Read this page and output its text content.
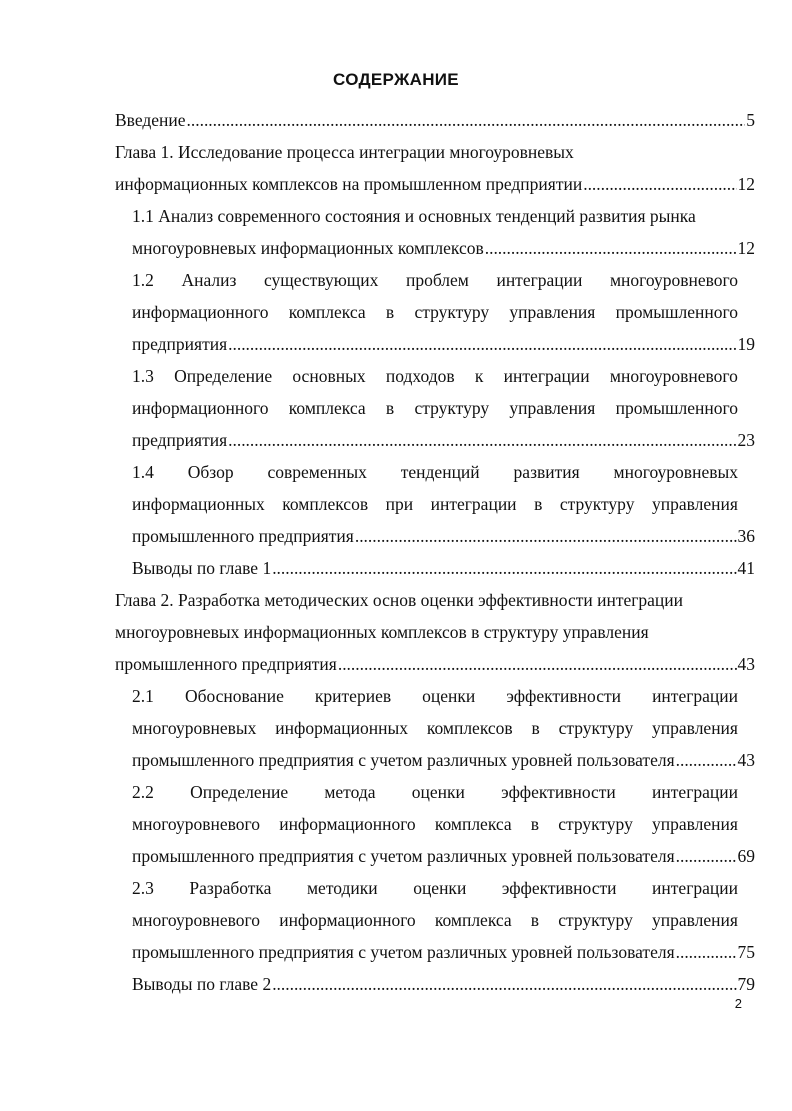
СОДЕРЖАНИЕ
Введение . . .	5
Глава 1. Исследование процесса интеграции многоуровневых
информационных комплексов на промышленном предприятии . . .	12
1.1 Анализ современного состояния и основных тенденций развития рынка
многоуровневых информационных комплексов . . .	12
1.2 Анализ существующих проблем интеграции многоуровневого
информационного комплекса в структуру управления промышленного
предприятия . . .	19
1.3 Определение основных подходов к интеграции многоуровневого
информационного комплекса в структуру управления промышленного
предприятия . . .	23
1.4 Обзор современных тенденций развития многоуровневых
информационных комплексов при интеграции в структуру управления
промышленного предприятия . . .	36
Выводы по главе 1 . . .	41
Глава 2. Разработка методических основ оценки эффективности интеграции
многоуровневых информационных комплексов в структуру управления
промышленного предприятия . . .	43
2.1 Обоснование критериев оценки эффективности интеграции
многоуровневых информационных комплексов в структуру управления
промышленного предприятия с учетом различных уровней пользователя . . .	43
2.2 Определение метода оценки эффективности интеграции
многоуровневого информационного комплекса в структуру управления
промышленного предприятия с учетом различных уровней пользователя . . .	69
2.3 Разработка методики оценки эффективности интеграции
многоуровневого информационного комплекса в структуру управления
промышленного предприятия с учетом различных уровней пользователя . . .	75
Выводы по главе 2 . . .	79
2
